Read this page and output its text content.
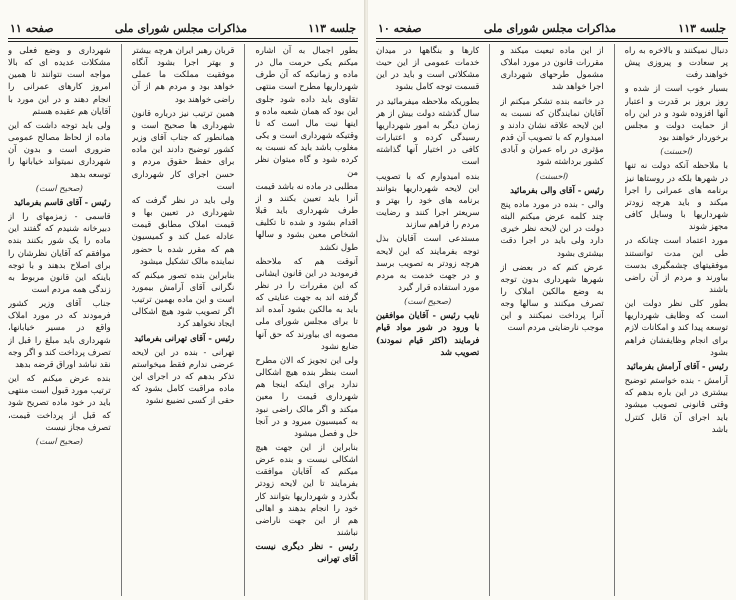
جلسه ۱۱۳
مذاکرات مجلس شورای ملی
صفحه ۱۱

بطور اجمال به آن اشاره میکنم یکی حرمت مال در ماده و زمانیکه که آن طرف شهرداریها مطرح است منتهی تقاوی باید داده شود جلوی این بود که همان شعبه ماده و اینها نیت مال است که تا وقتیکه شهرداری است و یکی مغلوب باشد باید که نسبت به کرده شود و گاه میتوان نظر من

مطلبی در ماده نه باشد قیمت آنرا باید تعیین بکنند و از طرف شهرداری باید قبلا اقدام بشود و شده تا تکلیف اشخاص معین بشود و سالها طول نکشد

آنوقت هم که ملاحظه فرمودید در این قانون ایشانی که این مقررات را در نظر گرفته اند به جهت عنایتی که باید به مالکین بشود آمده اند تا برای مجلس شورای ملی مصوبه ای بیاورند که حق آنها ضایع نشود

ولی این تجویز که الان مطرح است بنظر بنده هیچ اشکالی ندارد برای اینکه اینجا هم شهرداری قیمت را معین میکند و اگر مالک راضی نبود به کمیسیون میرود و در آنجا حل و فصل میشود

بنابراین از این جهت هیچ اشکالی نیست و بنده عرض میکنم که آقایان موافقت بفرمایند تا این لایحه زودتر بگذرد و شهرداریها بتوانند کار خود را انجام بدهند و اهالی هم از این جهت ناراضی نباشند

رئیس - نظر دیگری نیست آقای تهرانی

قربان رهبر ایران هرچه بیشتر و بهتر اجرا بشود آنگاه موفقیت مملکت ما عملی خواهد بود و مردم هم از آن راضی خواهند بود

همین ترتیب نیز درباره قانون شهرداری ها صحیح است و همانطور که جناب آقای وزیر کشور توضیح دادند این ماده برای حفظ حقوق مردم و حسن اجرای کار شهرداری است

ولی باید در نظر گرفت که شهرداری در تعیین بها و قیمت املاک مطابق قیمت عادله عمل کند و کمیسیون هم که مقرر شده با حضور نماینده مالک تشکیل میشود

بنابراین بنده تصور میکنم که نگرانی آقای آرامش بیمورد است و این ماده بهمین ترتیب اگر تصویب شود هیچ اشکالی ایجاد نخواهد کرد

رئیس - آقای تهرانی بفرمائید

تهرانی - بنده در این لایحه عرضی ندارم فقط میخواستم تذکر بدهم که در اجرای این ماده مراقبت کامل بشود که حقی از کسی تضییع نشود

شهرداری و وضع فعلی و مشکلات عدیده ای که بالا مواجه است نتوانند تا همین امروز کارهای عمرانی را انجام دهند و در این مورد با آقایان هم عقیده هستم

ولی باید توجه داشت که این ماده از لحاظ مصالح عمومی ضروری است و بدون آن شهرداری نمیتواند خیابانها را توسعه بدهد

(صحیح است)

رئیس - آقای قاسم بفرمائید

قاسمی - زمزمهای را از دبیرخانه شنیدم که گفتند این ماده را یک شور بکنند بنده موافقم که آقایان نظرشان را برای اصلاح بدهند و با توجه باینکه این قانون مربوط به زندگی همه مردم است

جناب آقای وزیر کشور فرمودند که در مورد املاک واقع در مسیر خیابانها، شهرداری باید مبلغ را قبل از تصرف پرداخت کند و اگر وجه نقد نباشد اوراق قرضه بدهد

بنده عرض میکنم که این ترتیب مورد قبول است منتهی باید در خود ماده تصریح شود که قبل از پرداخت قیمت، تصرف مجاز نیست

(صحیح است)

جلسه ۱۱۳
مذاکرات مجلس شورای ملی
صفحه ۱۰

دنبال نمیکنند و بالاخره به راه پر سعادت و پیروزی پیش خواهند رفت

بسیار خوب است از شده و روز بروز بر قدرت و اعتبار آنها افزوده شود و در این راه از حمایت دولت و مجلس برخوردار خواهند بود

(احسنت)

با ملاحظه آنکه دولت نه تنها در شهرها بلکه در روستاها نیز برنامه های عمرانی را اجرا میکند و باید هرچه زودتر شهرداریها با وسایل کافی مجهز شوند

مورد اعتماد است چنانکه در طی این مدت توانستند موفقیتهای چشمگیری بدست بیاورند و مردم از آن راضی باشند

بطور کلی نظر دولت این است که وظایف شهرداریها توسعه پیدا کند و امکانات لازم برای انجام وظایفشان فراهم بشود

رئیس - آقای آرامش بفرمائید

آرامش - بنده خواستم توضیح بیشتری در این باره بدهم که وقتی قانونی تصویب میشود باید اجرای آن قابل کنترل باشد

از این ماده تبعیت میکند و مقررات قانون در مورد املاک مشمول طرحهای شهرداری اجرا خواهد شد

در خاتمه بنده تشکر میکنم از آقایان نمایندگان که نسبت به این لایحه علاقه نشان دادند و امیدوارم که با تصویب آن قدم مؤثری در راه عمران و آبادی کشور برداشته شود

(احسنت)

رئیس - آقای والی بفرمائید

والی - بنده در مورد ماده پنج چند کلمه عرض میکنم البته دولت در این لایحه نظر خیری دارد ولی باید در اجرا دقت بیشتری بشود

عرض کنم که در بعضی از شهرها شهرداری بدون توجه به وضع مالکین املاک را تصرف میکنند و سالها وجه آنرا پرداخت نمیکنند و این موجب نارضایتی مردم است

کارها و بنگاهها در میدان خدمات عمومی از این حیث مشکلاتی است و باید در این قسمت توجه کامل بشود

بطوریکه ملاحظه میفرمائید در سال گذشته دولت بیش از هر زمان دیگر به امور شهرداریها رسیدگی کرده و اعتبارات کافی در اختیار آنها گذاشته است

بنده امیدوارم که با تصویب این لایحه شهرداریها بتوانند برنامه های خود را بهتر و سریعتر اجرا کنند و رضایت مردم را فراهم سازند

مستدعی است آقایان بذل توجه بفرمایند که این لایحه هرچه زودتر به تصویب برسد و در جهت خدمت به مردم مورد استفاده قرار گیرد

(صحیح است)

نایب رئیس - آقایان موافقین با ورود در شور مواد قیام فرمایند (اکثر قیام نمودند) تصویب شد
